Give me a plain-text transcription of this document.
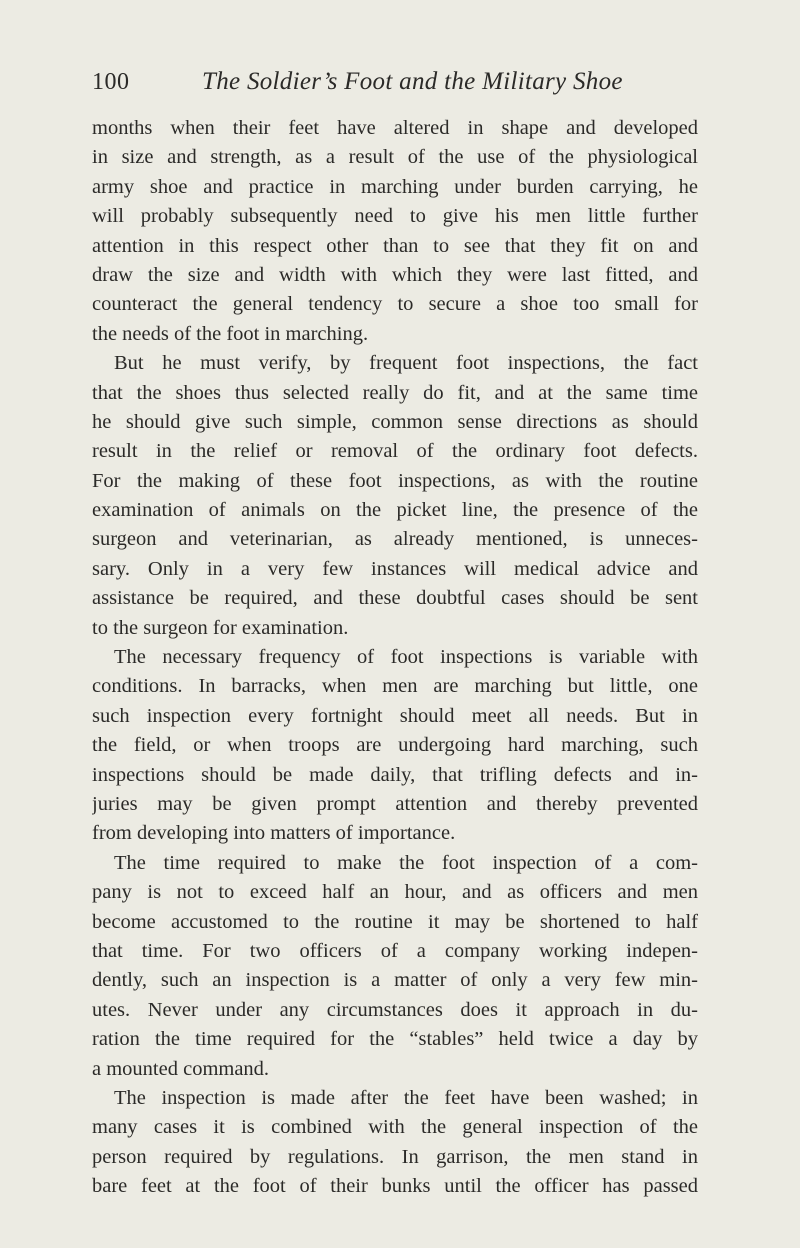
100	The Soldier’s Foot and the Military Shoe
months when their feet have altered in shape and developed
in size and strength, as a result of the use of the physiological
army shoe and practice in marching under burden carrying, he
will probably subsequently need to give his men little further
attention in this respect other than to see that they fit on and
draw the size and width with which they were last fitted, and
counteract the general tendency to secure a shoe too small for
the needs of the foot in marching.
But he must verify, by frequent foot inspections, the fact
that the shoes thus selected really do fit, and at the same time
he should give such simple, common sense directions as should
result in the relief or removal of the ordinary foot defects.
For the making of these foot inspections, as with the routine
examination of animals on the picket line, the presence of the
surgeon and veterinarian, as already mentioned, is unneces-
sary. Only in a very few instances will medical advice and
assistance be required, and these doubtful cases should be sent
to the surgeon for examination.
The necessary frequency of foot inspections is variable with
conditions. In barracks, when men are marching but little, one
such inspection every fortnight should meet all needs. But in
the field, or when troops are undergoing hard marching, such
inspections should be made daily, that trifling defects and in-
juries may be given prompt attention and thereby prevented
from developing into matters of importance.
The time required to make the foot inspection of a com-
pany is not to exceed half an hour, and as officers and men
become accustomed to the routine it may be shortened to half
that time. For two officers of a company working indepen-
dently, such an inspection is a matter of only a very few min-
utes. Never under any circumstances does it approach in du-
ration the time required for the “stables” held twice a day by
a mounted command.
The inspection is made after the feet have been washed; in
many cases it is combined with the general inspection of the
person required by regulations. In garrison, the men stand in
bare feet at the foot of their bunks until the officer has passed
